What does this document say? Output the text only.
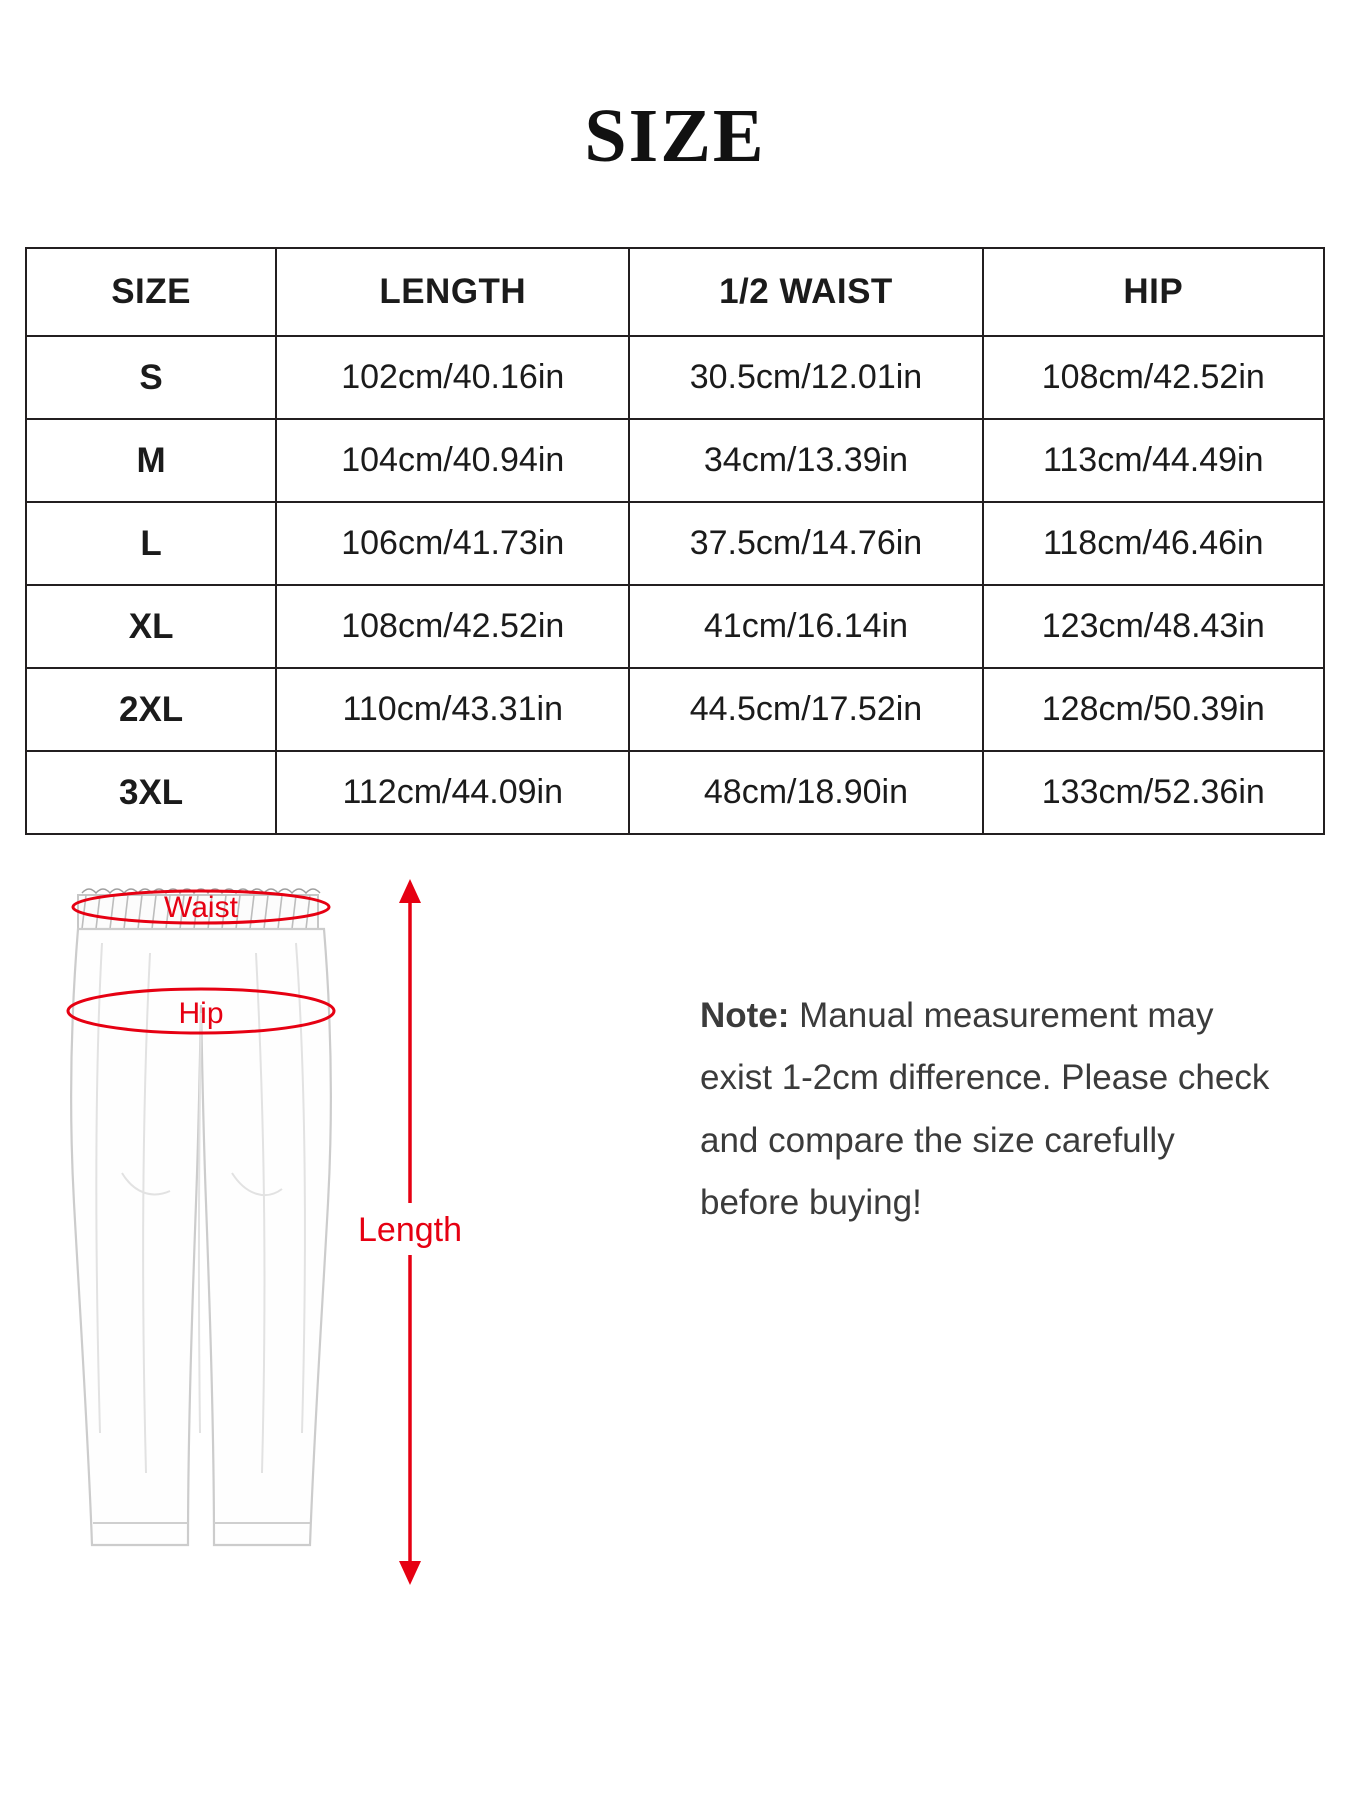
SIZE
SIZE	LENGTH	1/2 WAIST	HIP
S	102cm/40.16in	30.5cm/12.01in	108cm/42.52in
M	104cm/40.94in	34cm/13.39in	113cm/44.49in
L	106cm/41.73in	37.5cm/14.76in	118cm/46.46in
XL	108cm/42.52in	41cm/16.14in	123cm/48.43in
2XL	110cm/43.31in	44.5cm/17.52in	128cm/50.39in
3XL	112cm/44.09in	48cm/18.90in	133cm/52.36in
Waist
Hip
Length
Note: Manual measurement may exist 1-2cm difference. Please check and compare the size carefully before buying!
